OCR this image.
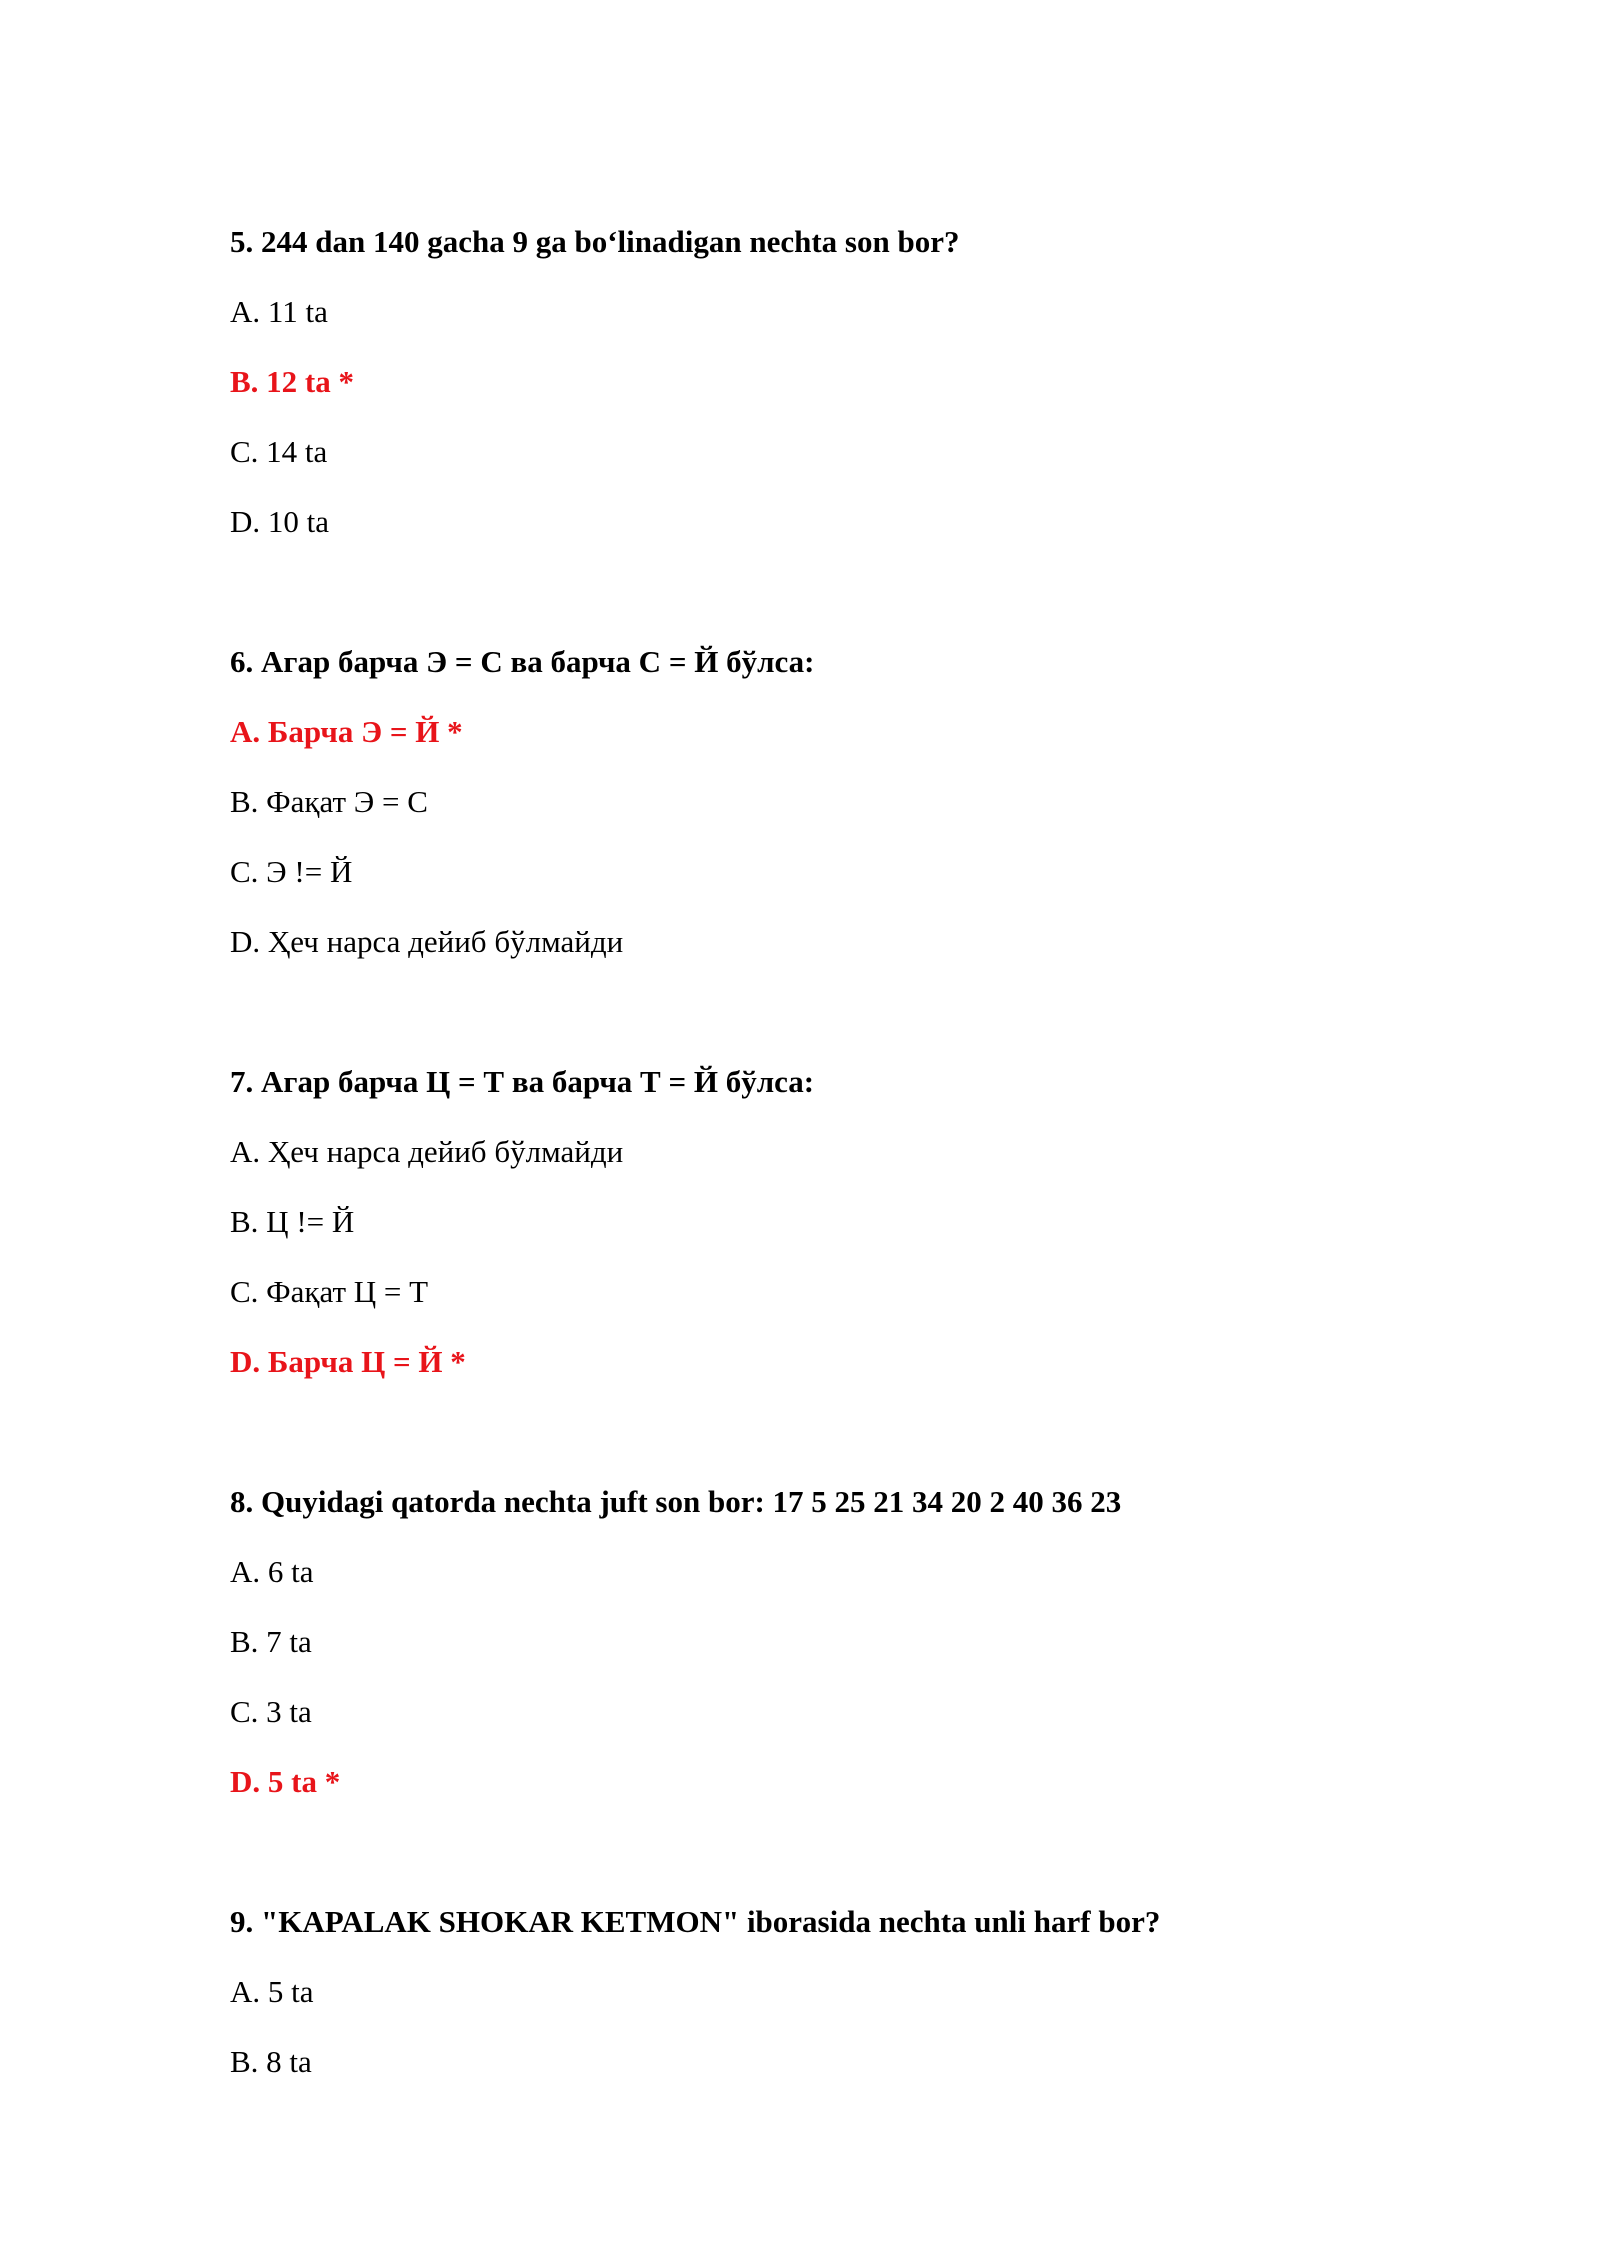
5. 244 dan 140 gacha 9 ga bo‘linadigan nechta son bor?

A. 11 ta
B. 12 ta *
C. 14 ta
D. 10 ta

6. Агар барча Э = С ва барча С = Й бўлса:

A. Барча Э = Й *
B. Фақат Э = С
C. Э != Й
D. Ҳеч нарса дейиб бўлмайди

7. Агар барча Ц = Т ва барча Т = Й бўлса:

A. Ҳеч нарса дейиб бўлмайди
B. Ц != Й
C. Фақат Ц = Т
D. Барча Ц = Й *

8. Quyidagi qatorda nechta juft son bor: 17 5 25 21 34 20 2 40 36 23

A. 6 ta
B. 7 ta
C. 3 ta
D. 5 ta *

9. "KAPALAK SHOKAR KETMON" iborasida nechta unli harf bor?

A. 5 ta
B. 8 ta
